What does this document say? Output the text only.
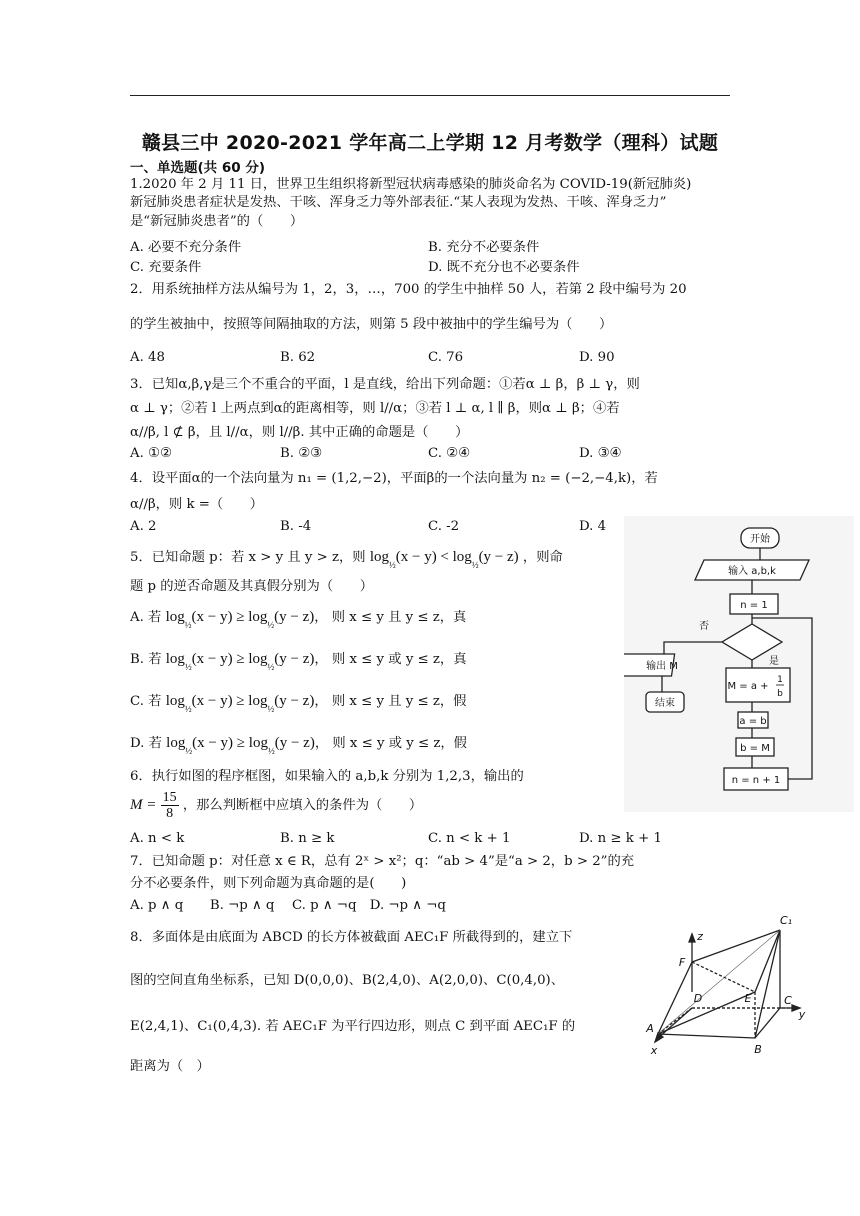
赣县三中 2020-2021 学年高二上学期 12 月考数学（理科）试题
一、单选题(共 60 分)
1.2020 年 2 月 11 日，世界卫生组织将新型冠状病毒感染的肺炎命名为 COVID-19(新冠肺炎)
新冠肺炎患者症状是发热、干咳、浑身乏力等外部表征.“某人表现为发热、干咳、浑身乏力”
是“新冠肺炎患者”的（　　）
A. 必要不充分条件	B. 充分不必要条件
C. 充要条件	D. 既不充分也不必要条件
2．用系统抽样方法从编号为 1，2，3，…，700 的学生中抽样 50 人，若第 2 段中编号为 20
的学生被抽中，按照等间隔抽取的方法，则第 5 段中被抽中的学生编号为（　　）
A. 48	B. 62	C. 76	D. 90
3．已知α,β,γ是三个不重合的平面，l 是直线，给出下列命题：①若α ⊥ β，β ⊥ γ，则
α ⊥ γ；②若 l 上两点到α的距离相等，则 l//α；③若 l ⊥ α, l ∥ β，则α ⊥ β；④若
α//β, l ⊄ β，且 l//α，则 l//β. 其中正确的命题是（　　）
A. ①②	B. ②③	C. ②④	D. ③④
4．设平面α的一个法向量为 n₁ = (1,2,−2)，平面β的一个法向量为 n₂ = (−2,−4,k)，若
α//β，则 k =（　　）
A. 2	B. -4	C. -2	D. 4
5．已知命题 p：若 x > y 且 y > z，则 $\log_{\frac{1}{2}}(x - y) < \log_{\frac{1}{2}}(y - z)$ ，则命
题 p 的逆否命题及其真假分别为（　　）
A. 若 $\log_{\frac{1}{2}}(x - y) \ge \log_{\frac{1}{2}}(y - z)$， 则 x ≤ y 且 y ≤ z，真
B. 若 $\log_{\frac{1}{2}}(x - y) \ge \log_{\frac{1}{2}}(y - z)$， 则 x ≤ y 或 y ≤ z，真
C. 若 $\log_{\frac{1}{2}}(x - y) \ge \log_{\frac{1}{2}}(y - z)$， 则 x ≤ y 且 y ≤ z，假
D. 若 $\log_{\frac{1}{2}}(x - y) \ge \log_{\frac{1}{2}}(y - z)$， 则 x ≤ y 或 y ≤ z，假
6．执行如图的程序框图，如果输入的 a,b,k 分别为 1,2,3，输出的
$M = \frac{15}{8}$ ，那么判断框中应填入的条件为（　　）
A. n < k	B. n ≥ k	C. n < k + 1	D. n ≥ k + 1
7．已知命题 p：对任意 x ∈ R，总有 2ˣ > x²；q：“ab > 4”是“a > 2，b > 2”的充
分不必要条件，则下列命题为真命题的是(　　)
A. p ∧ q　　B. ¬p ∧ q　 C. p ∧ ¬q　D. ¬p ∧ ¬q
8．多面体是由底面为 ABCD 的长方体被截面 AEC₁F 所截得到的，建立下
图的空间直角坐标系，已知 D(0,0,0)、B(2,4,0)、A(2,0,0)、C(0,4,0)、
E(2,4,1)、C₁(0,4,3). 若 AEC₁F 为平行四边形，则点 C 到平面 AEC₁F 的
距离为（　）
开始
输入 a,b,k
n = 1
否
是
输出 M
结束
M = a +
a = b
b = M
n = n + 1
1
b
C₁
z
F
D	E	C
y
A
B
x
